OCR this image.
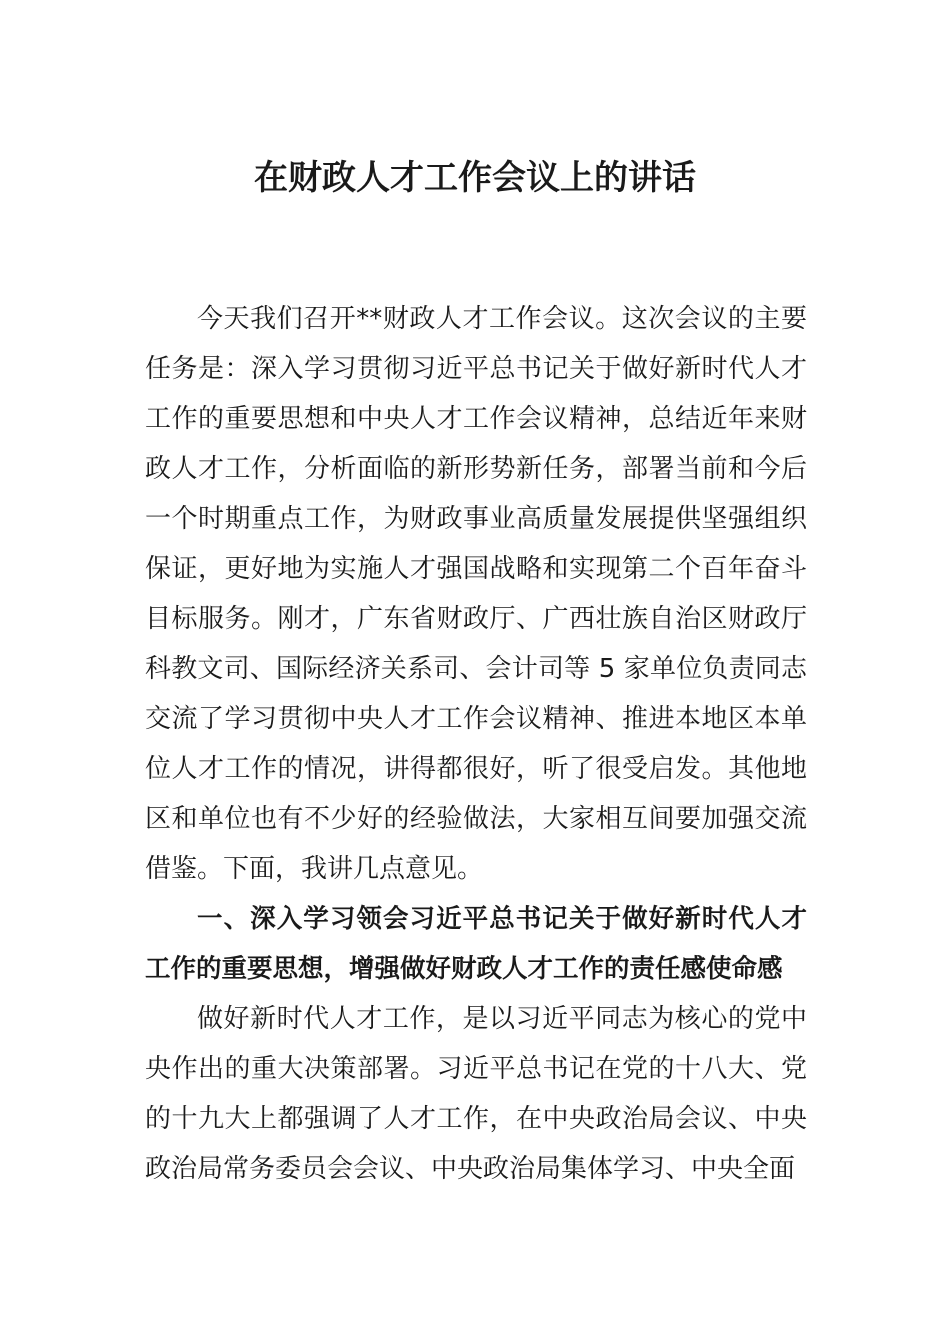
在财政人才工作会议上的讲话

今天我们召开**财政人才工作会议。这次会议的主要任务是：深入学习贯彻习近平总书记关于做好新时代人才工作的重要思想和中央人才工作会议精神，总结近年来财政人才工作，分析面临的新形势新任务，部署当前和今后一个时期重点工作，为财政事业高质量发展提供坚强组织保证，更好地为实施人才强国战略和实现第二个百年奋斗目标服务。刚才，广东省财政厅、广西壮族自治区财政厅科教文司、国际经济关系司、会计司等 5 家单位负责同志交流了学习贯彻中央人才工作会议精神、推进本地区本单位人才工作的情况，讲得都很好，听了很受启发。其他地区和单位也有不少好的经验做法，大家相互间要加强交流借鉴。下面，我讲几点意见。

一、深入学习领会习近平总书记关于做好新时代人才工作的重要思想，增强做好财政人才工作的责任感使命感

做好新时代人才工作，是以习近平同志为核心的党中央作出的重大决策部署。习近平总书记在党的十八大、党的十九大上都强调了人才工作，在中央政治局会议、中央政治局常务委员会会议、中央政治局集体学习、中央全面
